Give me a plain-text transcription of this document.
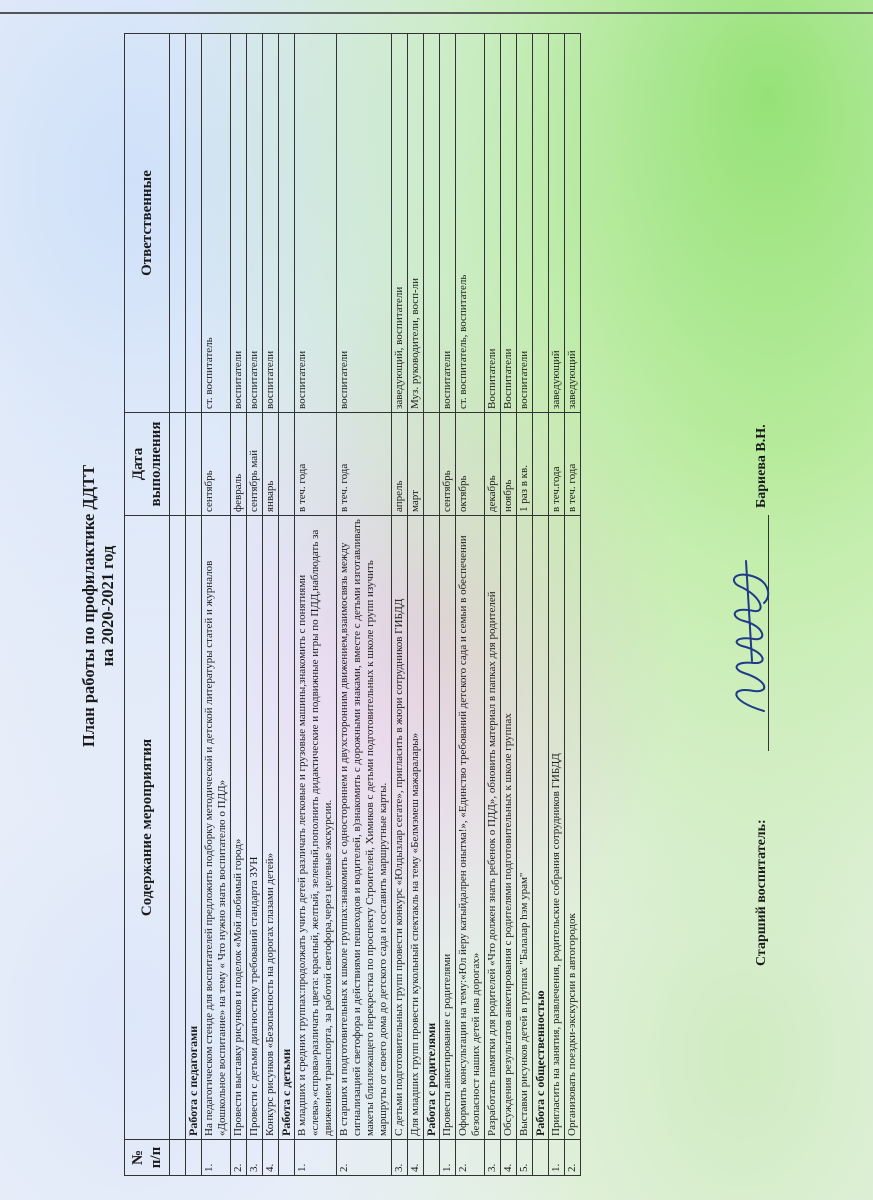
План работы по профилактике ДДТТ на 2020-2021 год
№ п/п	Содержание мероприятия	Дата выполнения	Ответственные

	Работа с педагогами		
1.	На педагогическом стенде для воспитателей предложить подборку методической и детской литературы статей и журналов «Дошкольное воспитание» на тему « Что нужно знать воспитателю о ПДД»	сентябрь	ст. воспитатель
2.	Провести выставку рисунков и поделок «Мой любимый город»	февраль	воспитатели
3.	Провести с детьми диагностику требований стандарта ЗУН	сентябрь май	воспитатели
4.	Конкурс рисунков «Безопасность на дорогах глазами детей»	январь	воспитатели
	Работа с детьми		
1.	В младших и средних группах:продолжать учить детей различать легковые и грузовые машины,знакомить с понятиями «слева»,«справа»различать цвета: красный, желтый, зеленый,пополнить дидактические и подвижные игры по ПДД,наблюдать за движением транспорта, за работой светофора,через целевые экскурсии.	в теч. года	воспитатели
2.	В старших и подготовительных к школе группах:знакомить с одностороннем и двухсторонним движением,взаимосвязь между сигнализацией светофора и действиями пешеходов и водителей, в)знакомить с дорожными знаками, вместе с детьми изготавливать макеты близлежащего перекрестка по проспекту Строителей, Химиков с детьми подготовительных к школе групп изучить маршруты от своего дома до детского сада и составить маршрутные карты.	в теч. года	воспитатели
3.	С детьми подготовительных групп провести конкурс «Юлдызлар сегате», пригласить в жюри сотрудников ГИБДД	апрель	заведующий, воспитатели
4.	Для младших групп провести кукольный спектакль на тему «Белмэмеш мажаралары»	март	Муз. руководители, восп-ли
	Работа с родителями		
1.	Провести анкетирование с родителями	сентябрь	воспитатели
2.	Оформить консультации на тему:«Юл йеру катыйдалрен онытма!», «Единство требований детского сада и семьи в обеспечении безопасност наших детей нва дорогах»	октябрь	ст. воспитатель, воспитатель
3.	Разработать памятки для родителей «Что должен знать ребенок о ПДД», обновить материал в папках для родителей	декабрь	Воспитатели
4.	Обсуждения результатов анкетирования с родителями подготовительных к школе группах	ноябрь	Воспитатели
5.	Выставки рисунков детей в группах "Балалар hэм урам"	1 раз в кв.	воспитатели
	Работа с общественностью		
1.	Пригласить на занятия, развлечения, родительские собрания сотрудников ГИБДД	в теч.года	заведующий
2.	Организовать поездки-экскурсии в автогородок	в теч. года	заведующий
Старший воспитатель:
Бариева В.Н.
